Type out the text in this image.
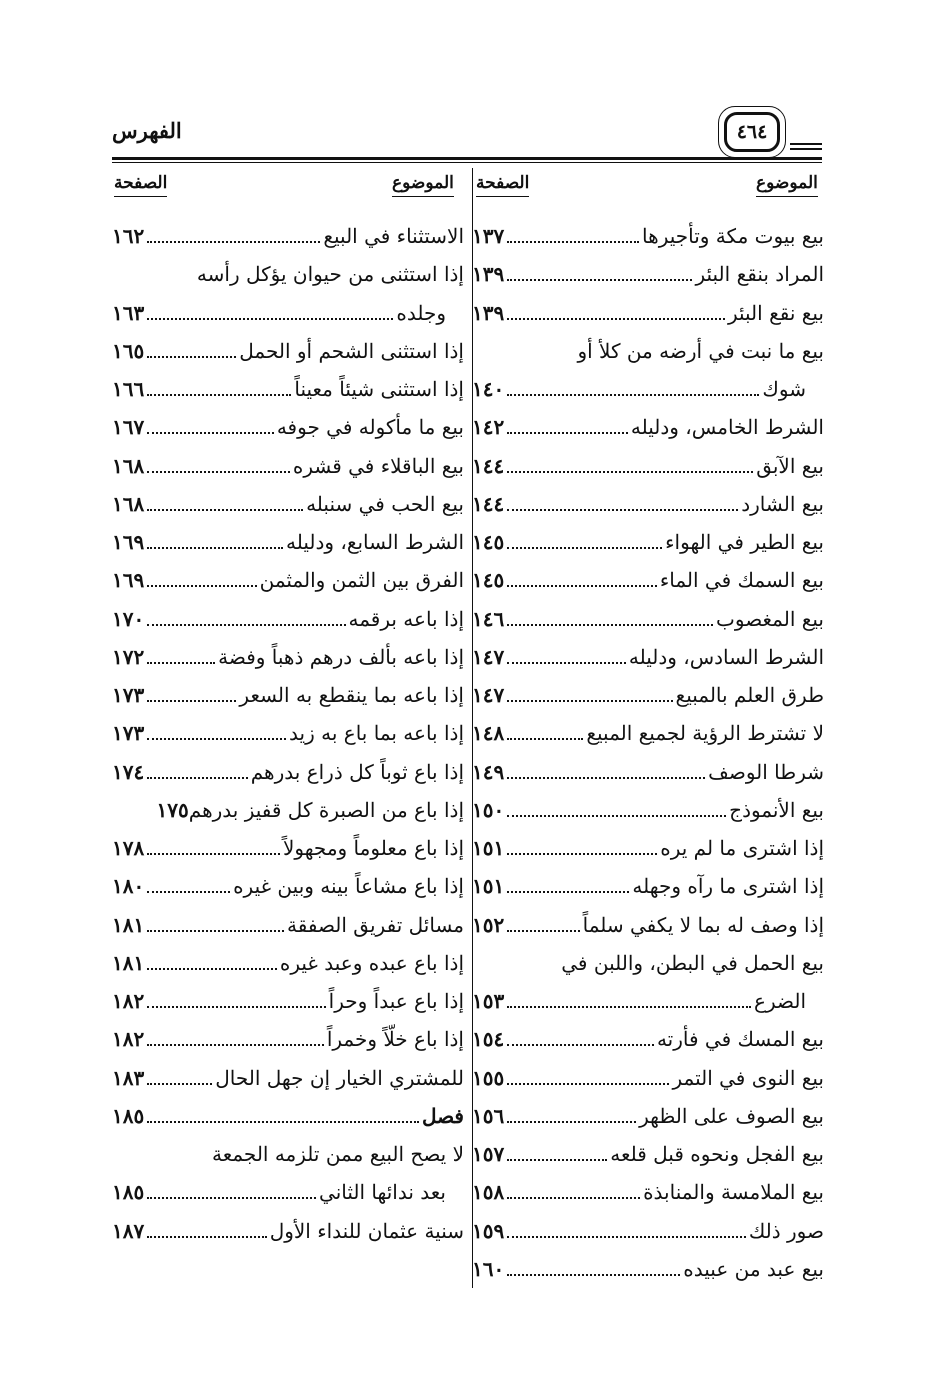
الفهرس	٤٦٤
الموضوع
الصفحة
الموضوع
الصفحة
بيع بيوت مكة وتأجيرها
١٣٧
المراد بنقع البئر
١٣٩
بيع نقع البئر
١٣٩
بيع ما نبت في أرضه من كلأ أو
شوك
١٤٠
الشرط الخامس، ودليله
١٤٢
بيع الآبق
١٤٤
بيع الشارد
١٤٤
بيع الطير في الهواء
١٤٥
بيع السمك في الماء
١٤٥
بيع المغصوب
١٤٦
الشرط السادس، ودليله
١٤٧
طرق العلم بالمبيع
١٤٧
لا تشترط الرؤية لجميع المبيع
١٤٨
شرطا الوصف
١٤٩
بيع الأنموذج
١٥٠
إذا اشترى ما لم يره
١٥١
إذا اشترى ما رآه وجهله
١٥١
إذا وصف له بما لا يكفي سلماً
١٥٢
بيع الحمل في البطن، واللبن في
الضرع
١٥٣
بيع المسك في فأرته
١٥٤
بيع النوى في التمر
١٥٥
بيع الصوف على الظهر
١٥٦
بيع الفجل ونحوه قبل قلعه
١٥٧
بيع الملامسة والمنابذة
١٥٨
صور ذلك
١٥٩
بيع عبد من عبيده
١٦٠
الاستثناء في البيع
١٦٢
إذا استثنى من حيوان يؤكل رأسه
وجلده
١٦٣
إذا استثنى الشحم أو الحمل
١٦٥
إذا استثنى شيئاً معيناً
١٦٦
بيع ما مأكوله في جوفه
١٦٧
بيع الباقلاء في قشره
١٦٨
بيع الحب في سنبله
١٦٨
الشرط السابع، ودليله
١٦٩
الفرق بين الثمن والمثمن
١٦٩
إذا باعه برقمه
١٧٠
إذا باعه بألف درهم ذهباً وفضة
١٧٢
إذا باعه بما ينقطع به السعر
١٧٣
إذا باعه بما باع به زيد
١٧٣
إذا باع ثوباً كل ذراع بدرهم
١٧٤
إذا باع من الصبرة كل قفيز بدرهم
١٧٥
إذا باع معلوماً ومجهولاً
١٧٨
إذا باع مشاعاً بينه وبين غيره
١٨٠
مسائل تفريق الصفقة
١٨١
إذا باع عبده وعبد غيره
١٨١
إذا باع عبداً وحراً
١٨٢
إذا باع خلّاً وخمراً
١٨٢
للمشتري الخيار إن جهل الحال
١٨٣
فصل
١٨٥
لا يصح البيع ممن تلزمه الجمعة
بعد ندائها الثاني
١٨٥
سنية عثمان للنداء الأول
١٨٧
